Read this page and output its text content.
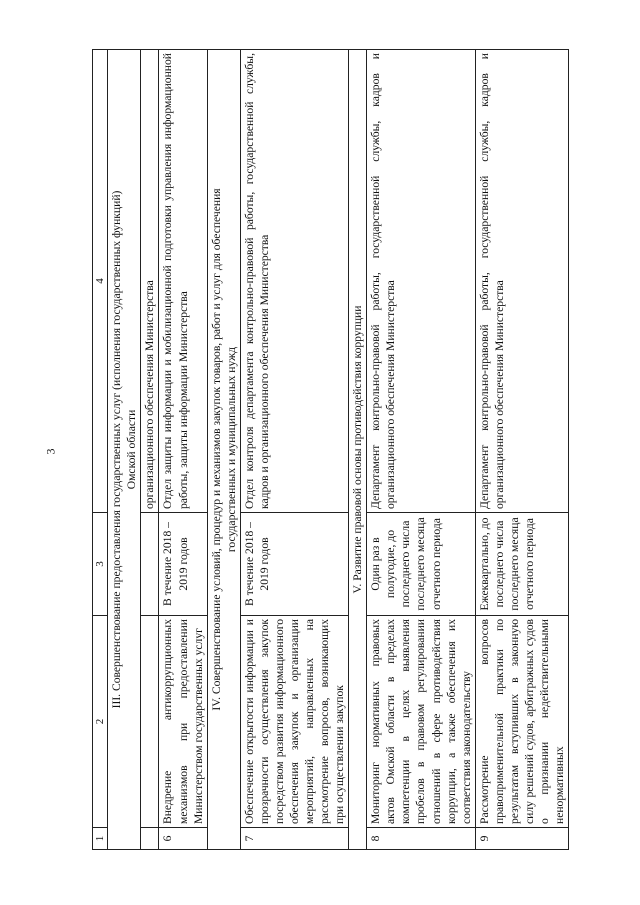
3
1	2	3	4

III. Совершенствование предоставления государственных услуг (исполнения государственных функций) Омской области			

			организационного обеспечения Министерства
6	Внедрение антикоррупционных механизмов при предоставлении Министерством государственных услуг	В течение 2018 – 2019 годов	Отдел защиты информации и мобилизационной подготовки управления информационной работы, защиты информации Министерства

IV. Совершенствование условий, процедур и механизмов закупок товаров, работ и услуг для обеспечения государственных и муниципальных нужд			

7	Обеспечение открытости информации и прозрачности осуществления закупок посредством развития информационного обеспечения закупок и организации мероприятий, направленных на рассмотрение вопросов, возникающих при осуществлении закупок	В течение 2018 – 2019 годов	Отдел контроля департамента контрольно-правовой работы, государственной службы, кадров и организационного обеспечения Министерства
V. Развитие правовой основы противодействия коррупции			
8	Мониторинг нормативных правовых актов Омской области в пределах компетенции в целях выявления пробелов в правовом регулировании отношений в сфере противодействия коррупции, а также обеспечения их соответствия законодательству	Один раз в полугодие, до последнего числа последнего месяца отчетного периода	Департамент контрольно-правовой работы, государственной службы, кадров и организационного обеспечения Министерства
9	Рассмотрение вопросов правоприменительной практики по результатам вступивших в законную силу решений судов, арбитражных судов о признании недействительными ненормативных	Ежеквартально, до последнего числа последнего месяца отчетного периода	Департамент контрольно-правовой работы, государственной службы, кадров и организационного обеспечения Министерства
